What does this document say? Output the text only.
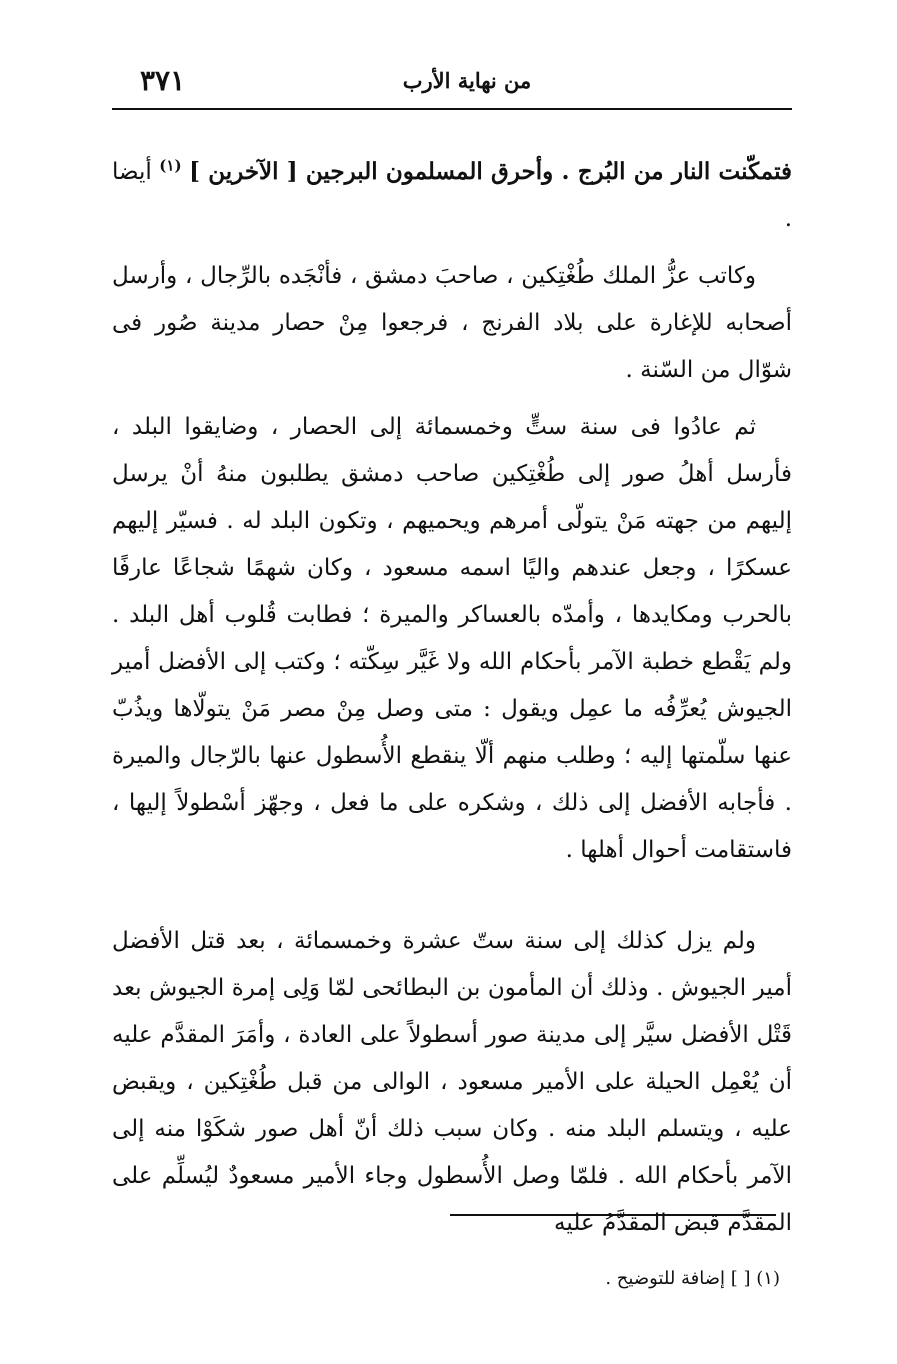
٣٧١	من نهاية الأرب

فتمكّنت النار من البُرج . وأحرق المسلمون البرجين [ الآخرين ] $^{(١)}$ أيضا .

وكاتب عزُّ الملك طُغْتِكين ، صاحبَ دمشق ، فأنْجَده بالرِّجال ، وأرسل أصحابه للإغارة على بلاد الفرنج ، فرجعوا مِنْ حصار مدينة صُور فى شوّال من السّنة .

ثم عادُوا فى سنة ستٍّ وخمسمائة إلى الحصار ، وضايقوا البلد ، فأرسل أهلُ صور إلى طُغْتِكين صاحب دمشق يطلبون منهُ أنْ يرسل إليهم من جهته مَنْ يتولّى أمرهم ويحميهم ، وتكون البلد له . فسيّر إليهم عسكرًا ، وجعل عندهم واليًا اسمه مسعود ، وكان شهمًا شجاعًا عارفًا بالحرب ومكايدها ، وأمدّه بالعساكر والميرة ؛ فطابت قُلوب أهل البلد . ولم يَقْطع خطبة الآمر بأحكام الله ولا غَيَّر سِكّته ؛ وكتب إلى الأفضل أمير الجيوش يُعرِّفُه ما عمِل ويقول : متى وصل مِنْ مصر مَنْ يتولّاها ويذُبّ عنها سلّمتها إليه ؛ وطلب منهم ألّا ينقطع الأُسطول عنها بالرّجال والميرة . فأجابه الأفضل إلى ذلك ، وشكره على ما فعل ، وجهّز أسْطولاً إليها ، فاستقامت أحوال أهلها .

ولم يزل كذلك إلى سنة ستّ عشرة وخمسمائة ، بعد قتل الأفضل أمير الجيوش . وذلك أن المأمون بن البطائحى لمّا وَلِى إمرة الجيوش بعد قَتْل الأفضل سيَّر إلى مدينة صور أسطولاً على العادة ، وأمَرَ المقدَّم عليه أن يُعْمِل الحيلة على الأمير مسعود ، الوالى من قبل طُغْتِكين ، ويقبض عليه ، ويتسلم البلد منه . وكان سبب ذلك أنّ أهل صور شكَوْا منه إلى الآمر بأحكام الله . فلمّا وصل الأُسطول وجاء الأمير مسعودٌ ليُسلِّم على المقدَّم قبض المقدَّمُ عليه

(١) [ ] إضافة للتوضيح .
